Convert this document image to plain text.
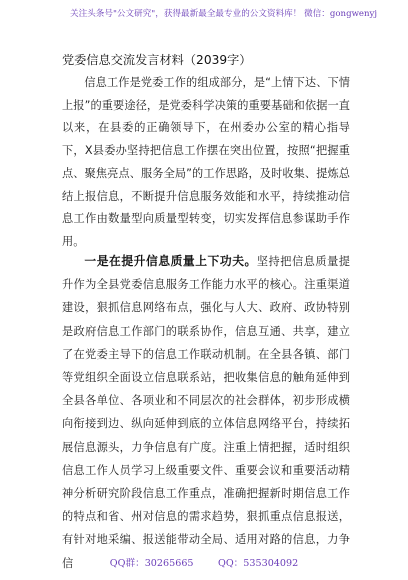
关注头条号"公文研究"，获得最新最全最专业的公文资料库！ 微信：gongwenyj
党委信息交流发言材料（2039字）

信息工作是党委工作的组成部分，是“上情下达、下情上报”的重要途径，是党委科学决策的重要基础和依据一直以来，在县委的正确领导下，在州委办公室的精心指导下，X县委办坚持把信息工作摆在突出位置，按照“把握重点、聚焦亮点、服务全局”的工作思路，及时收集、提炼总结上报信息，不断提升信息服务效能和水平，持续推动信息工作由数量型向质量型转变，切实发挥信息参谋助手作用。

一是在提升信息质量上下功夫。坚持把信息质量提升作为全县党委信息服务工作能力水平的核心。注重渠道建设，狠抓信息网络布点，强化与人大、政府、政协特别是政府信息工作部门的联系协作，信息互通、共享，建立了在党委主导下的信息工作联动机制。在全县各镇、部门等党组织全面设立信息联系站，把收集信息的触角延伸到全县各单位、各项业和不同层次的社会群体，初步形成横向衔接到边、纵向延伸到底的立体信息网络平台，持续拓展信息源头，力争信息有广度。注重上情把握，适时组织信息工作人员学习上级重要文件、重要会议和重要活动精神分析研究阶段信息工作重点，准确把握新时期信息工作的特点和省、州对信息的需求趋势，狠抓重点信息报送，有针对地采编、报送能带动全局、适用对路的信息，力争信	QQ群：30265665	QQ：535304092
